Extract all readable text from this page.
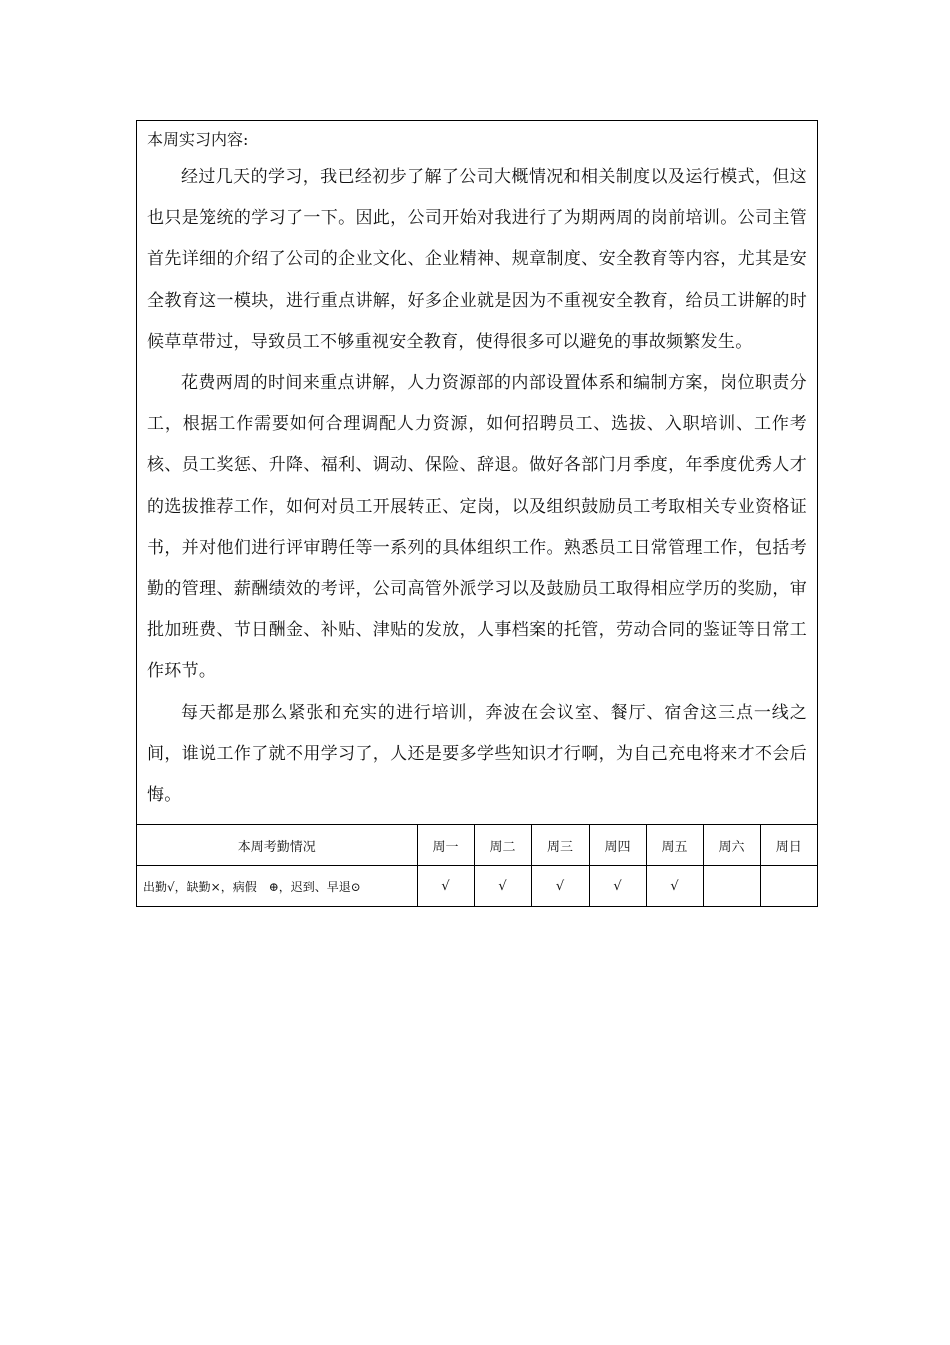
本周实习内容:

经过几天的学习，我已经初步了解了公司大概情况和相关制度以及运行模式，但这也只是笼统的学习了一下。因此，公司开始对我进行了为期两周的岗前培训。公司主管首先详细的介绍了公司的企业文化、企业精神、规章制度、安全教育等内容，尤其是安全教育这一模块，进行重点讲解，好多企业就是因为不重视安全教育，给员工讲解的时候草草带过，导致员工不够重视安全教育，使得很多可以避免的事故频繁发生。

花费两周的时间来重点讲解，人力资源部的内部设置体系和编制方案，岗位职责分工，根据工作需要如何合理调配人力资源，如何招聘员工、选拔、入职培训、工作考核、员工奖惩、升降、福利、调动、保险、辞退。做好各部门月季度，年季度优秀人才的选拔推荐工作，如何对员工开展转正、定岗，以及组织鼓励员工考取相关专业资格证书，并对他们进行评审聘任等一系列的具体组织工作。熟悉员工日常管理工作，包括考勤的管理、薪酬绩效的考评，公司高管外派学习以及鼓励员工取得相应学历的奖励，审批加班费、节日酬金、补贴、津贴的发放，人事档案的托管，劳动合同的鉴证等日常工作环节。

每天都是那么紧张和充实的进行培训，奔波在会议室、餐厅、宿舍这三点一线之间，谁说工作了就不用学习了，人还是要多学些知识才行啊，为自己充电将来才不会后悔。

本周考勤情况	周一	周二	周三	周四	周五	周六	周日
出勤√，缺勤×，病假　⊕，迟到、早退⊙	√	√	√	√	√		
